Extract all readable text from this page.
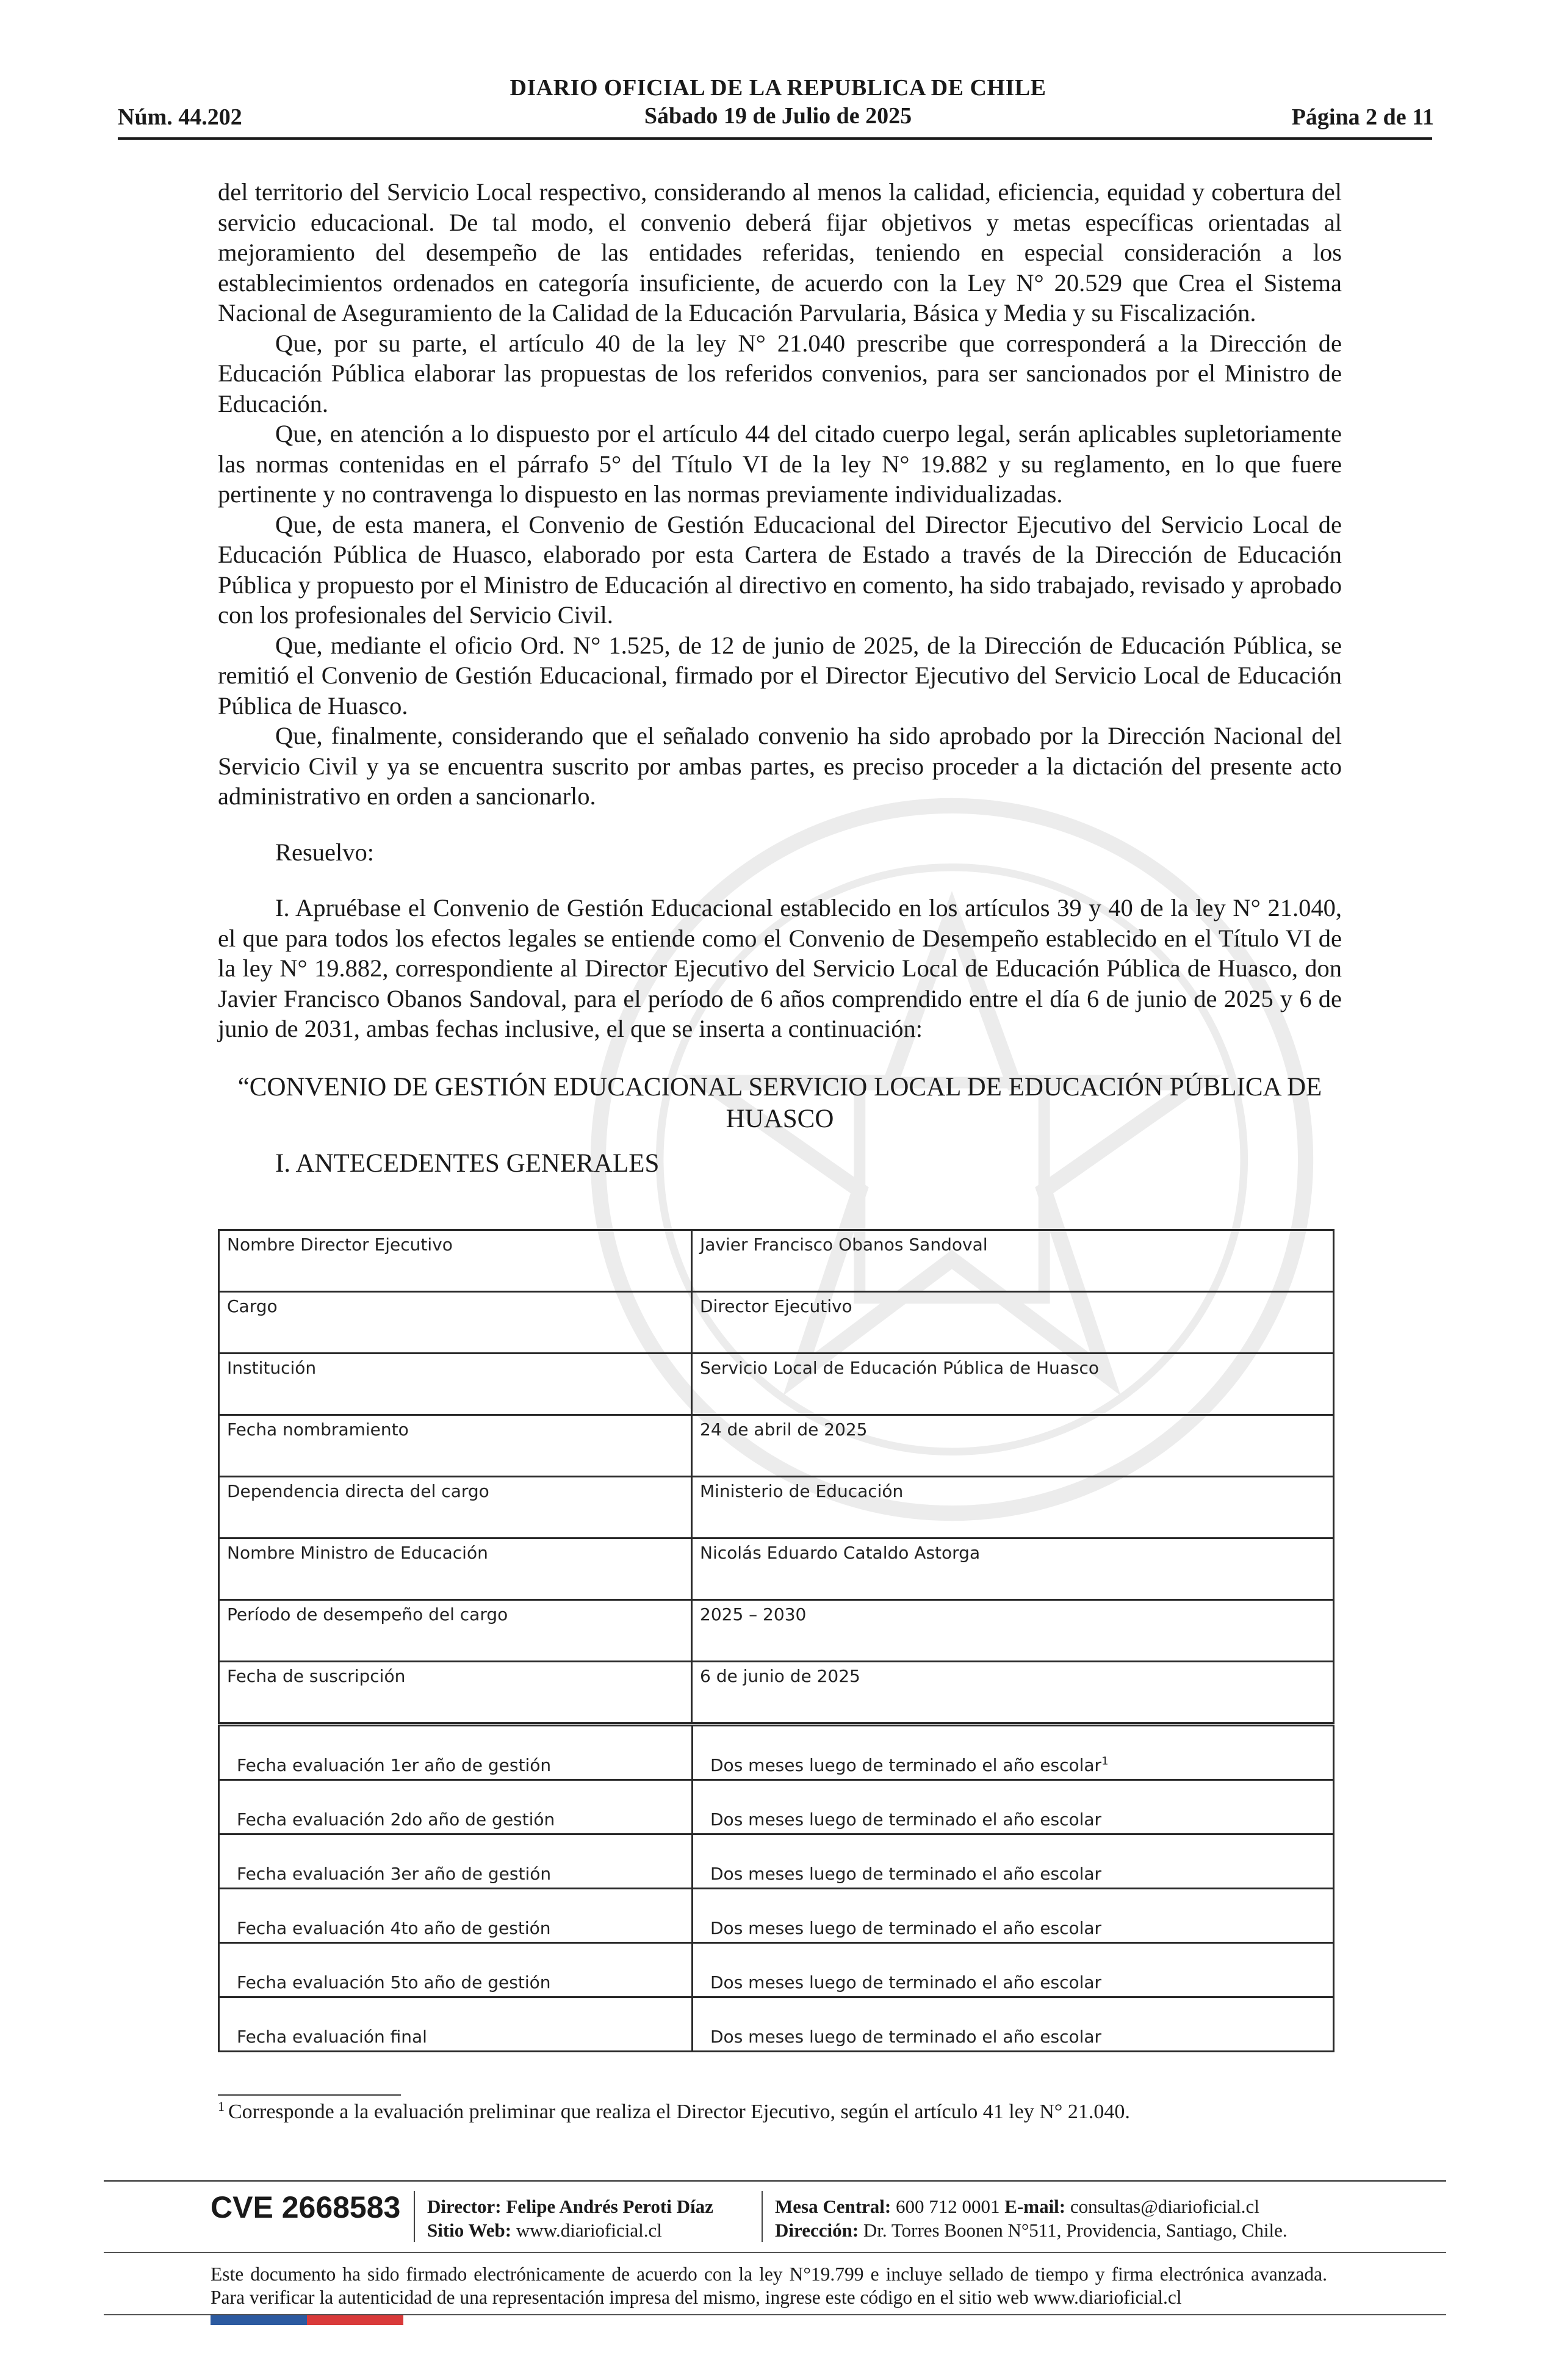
DIARIO OFICIAL DE LA REPUBLICA DE CHILE
Núm. 44.202	Sábado 19 de Julio de 2025	Página 2 de 11

del territorio del Servicio Local respectivo, considerando al menos la calidad, eficiencia, equidad y cobertura del servicio educacional. De tal modo, el convenio deberá fijar objetivos y metas específicas orientadas al mejoramiento del desempeño de las entidades referidas, teniendo en especial consideración a los establecimientos ordenados en categoría insuficiente, de acuerdo con la Ley N° 20.529 que Crea el Sistema Nacional de Aseguramiento de la Calidad de la Educación Parvularia, Básica y Media y su Fiscalización.

Que, por su parte, el artículo 40 de la ley N° 21.040 prescribe que corresponderá a la Dirección de Educación Pública elaborar las propuestas de los referidos convenios, para ser sancionados por el Ministro de Educación.

Que, en atención a lo dispuesto por el artículo 44 del citado cuerpo legal, serán aplicables supletoriamente las normas contenidas en el párrafo 5° del Título VI de la ley N° 19.882 y su reglamento, en lo que fuere pertinente y no contravenga lo dispuesto en las normas previamente individualizadas.

Que, de esta manera, el Convenio de Gestión Educacional del Director Ejecutivo del Servicio Local de Educación Pública de Huasco, elaborado por esta Cartera de Estado a través de la Dirección de Educación Pública y propuesto por el Ministro de Educación al directivo en comento, ha sido trabajado, revisado y aprobado con los profesionales del Servicio Civil.

Que, mediante el oficio Ord. N° 1.525, de 12 de junio de 2025, de la Dirección de Educación Pública, se remitió el Convenio de Gestión Educacional, firmado por el Director Ejecutivo del Servicio Local de Educación Pública de Huasco.

Que, finalmente, considerando que el señalado convenio ha sido aprobado por la Dirección Nacional del Servicio Civil y ya se encuentra suscrito por ambas partes, es preciso proceder a la dictación del presente acto administrativo en orden a sancionarlo.

Resuelvo:

I. Apruébase el Convenio de Gestión Educacional establecido en los artículos 39 y 40 de la ley N° 21.040, el que para todos los efectos legales se entiende como el Convenio de Desempeño establecido en el Título VI de la ley N° 19.882, correspondiente al Director Ejecutivo del Servicio Local de Educación Pública de Huasco, don Javier Francisco Obanos Sandoval, para el período de 6 años comprendido entre el día 6 de junio de 2025 y 6 de junio de 2031, ambas fechas inclusive, el que se inserta a continuación:

“CONVENIO DE GESTIÓN EDUCACIONAL SERVICIO LOCAL DE EDUCACIÓN PÚBLICA DE HUASCO

I. ANTECEDENTES GENERALES

Nombre Director Ejecutivo	Javier Francisco Obanos Sandoval
Cargo	Director Ejecutivo
Institución	Servicio Local de Educación Pública de Huasco
Fecha nombramiento	24 de abril de 2025
Dependencia directa del cargo	Ministerio de Educación
Nombre Ministro de Educación	Nicolás Eduardo Cataldo Astorga
Período de desempeño del cargo	2025 – 2030
Fecha de suscripción	6 de junio de 2025
Fecha evaluación 1er año de gestión	Dos meses luego de terminado el año escolar$^1$
Fecha evaluación 2do año de gestión	Dos meses luego de terminado el año escolar
Fecha evaluación 3er año de gestión	Dos meses luego de terminado el año escolar
Fecha evaluación 4to año de gestión	Dos meses luego de terminado el año escolar
Fecha evaluación 5to año de gestión	Dos meses luego de terminado el año escolar
Fecha evaluación final	Dos meses luego de terminado el año escolar
$^1$ Corresponde a la evaluación preliminar que realiza el Director Ejecutivo, según el artículo 41 ley N° 21.040.
CVE 2668583 Director: Felipe Andrés Peroti Díaz
Sitio Web: www.diarioficial.cl
Mesa Central: 600 712 0001 E-mail: consultas@diarioficial.cl
Dirección: Dr. Torres Boonen N°511, Providencia, Santiago, Chile.
Este documento ha sido firmado electrónicamente de acuerdo con la ley N°19.799 e incluye sellado de tiempo y firma electrónica avanzada. Para verificar la autenticidad de una representación impresa del mismo, ingrese este código en el sitio web www.diarioficial.cl
